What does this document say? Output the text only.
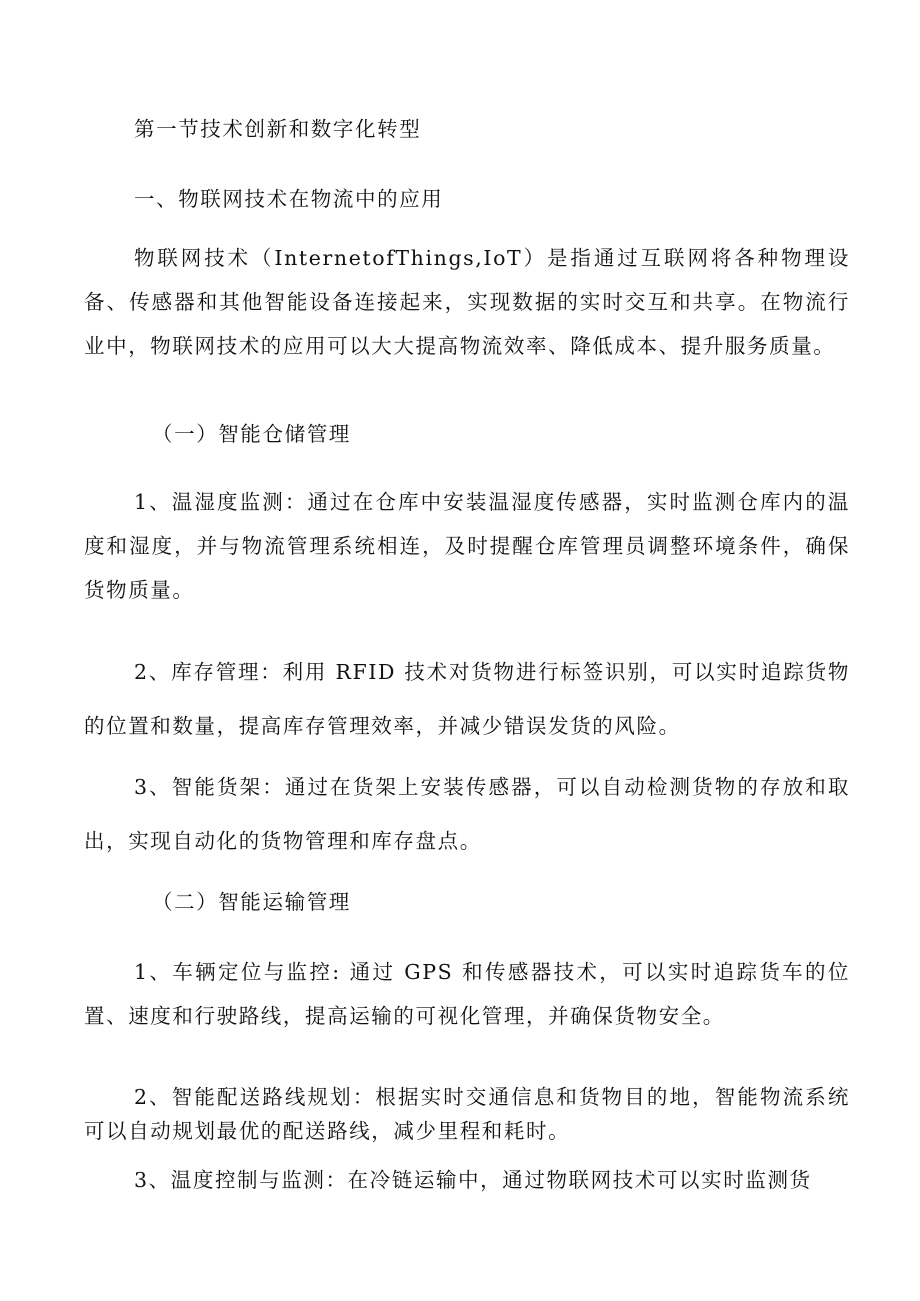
第一节技术创新和数字化转型
一、物联网技术在物流中的应用
物联网技术（InternetofThings,IoT）是指通过互联网将各种物理设备、传感器和其他智能设备连接起来，实现数据的实时交互和共享。在物流行业中，物联网技术的应用可以大大提高物流效率、降低成本、提升服务质量。
（一）智能仓储管理
1、温湿度监测：通过在仓库中安装温湿度传感器，实时监测仓库内的温度和湿度，并与物流管理系统相连，及时提醒仓库管理员调整环境条件，确保货物质量。
2、库存管理：利用 RFID 技术对货物进行标签识别，可以实时追踪货物的位置和数量，提高库存管理效率，并减少错误发货的风险。
3、智能货架：通过在货架上安装传感器，可以自动检测货物的存放和取出，实现自动化的货物管理和库存盘点。
（二）智能运输管理
1、车辆定位与监控: 通过 GPS 和传感器技术，可以实时追踪货车的位置、速度和行驶路线，提高运输的可视化管理，并确保货物安全。
2、智能配送路线规划：根据实时交通信息和货物目的地，智能物流系统可以自动规划最优的配送路线，减少里程和耗时。
3、温度控制与监测：在冷链运输中，通过物联网技术可以实时监测货
